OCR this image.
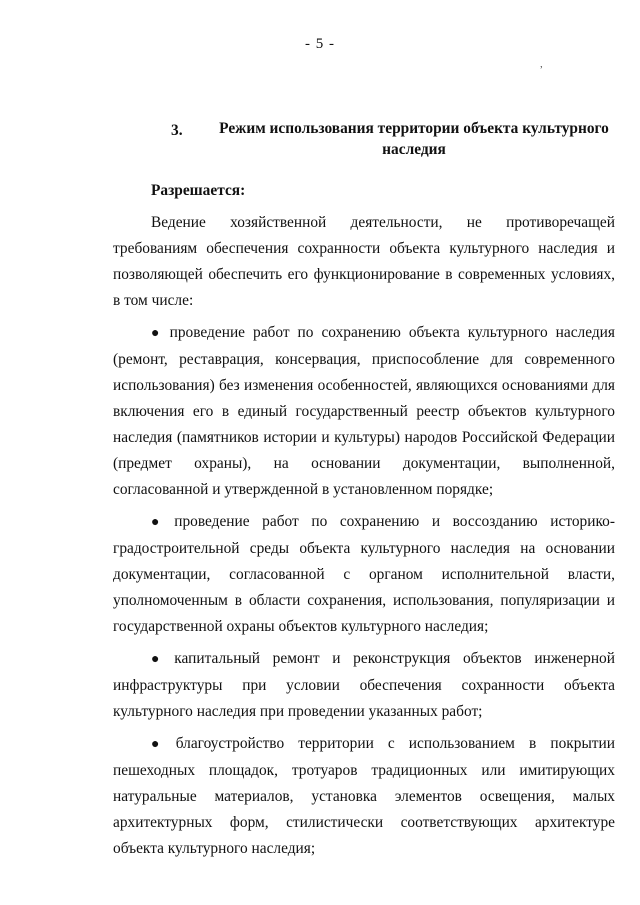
- 5 -
,
3.	Режим использования территории объекта культурного наследия
Разрешается:

Ведение хозяйственной деятельности, не противоречащей требованиям обеспечения сохранности объекта культурного наследия и позволяющей обеспечить его функционирование в современных условиях, в том числе:

● проведение работ по сохранению объекта культурного наследия (ремонт, реставрация, консервация, приспособление для современного использования) без изменения особенностей, являющихся основаниями для включения его в единый государственный реестр объектов культурного наследия (памятников истории и культуры) народов Российской Федерации (предмет охраны), на основании документации, выполненной, согласованной и утвержденной в установленном порядке;

● проведение работ по сохранению и воссозданию историко-градостроительной среды объекта культурного наследия на основании документации, согласованной с органом исполнительной власти, уполномоченным в области сохранения, использования, популяризации и государственной охраны объектов культурного наследия;

● капитальный ремонт и реконструкция объектов инженерной инфраструктуры при условии обеспечения сохранности объекта культурного наследия при проведении указанных работ;

● благоустройство территории с использованием в покрытии пешеходных площадок, тротуаров традиционных или имитирующих натуральные материалов, установка элементов освещения, малых архитектурных форм, стилистически соответствующих архитектуре объекта культурного наследия;
